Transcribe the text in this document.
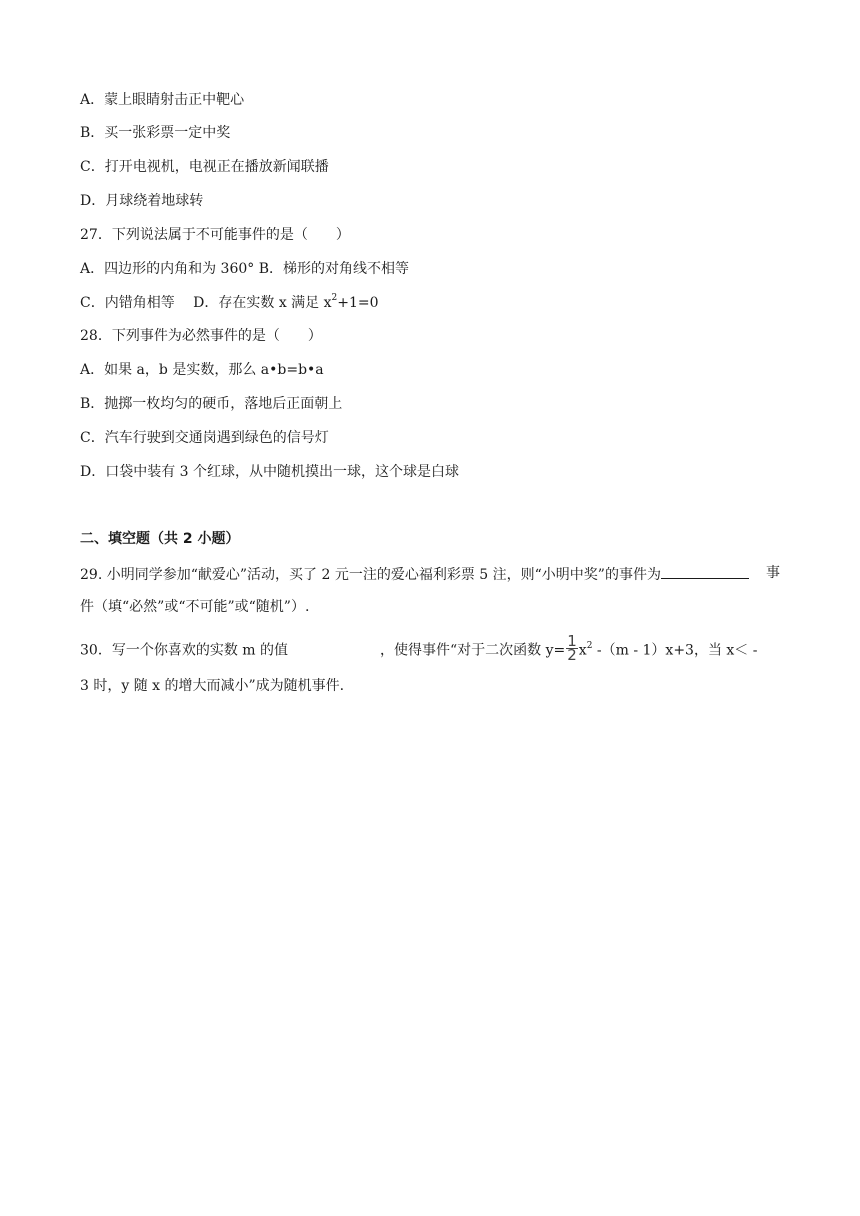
A．蒙上眼睛射击正中靶心
B．买一张彩票一定中奖
C．打开电视机，电视正在播放新闻联播
D．月球绕着地球转
27．下列说法属于不可能事件的是（　　）
A．四边形的内角和为 360° B．梯形的对角线不相等
C．内错角相等　 D．存在实数 x 满足 $x^2+1=0$
28．下列事件为必然事件的是（　　）
A．如果 a，b 是实数，那么 a•b=b•a
B．抛掷一枚均匀的硬币，落地后正面朝上
C．汽车行驶到交通岗遇到绿色的信号灯
D．口袋中装有 3 个红球，从中随机摸出一球，这个球是白球
二、填空题（共 2 小题）
29. 小明同学参加“献爱心”活动，买了 2 元一注的爱心福利彩票 5 注，则“小明中奖”的事件为	事
件（填“必然”或“不可能”或“随机”）.
30．写一个你喜欢的实数 m 的值	，使得事件“对于二次函数 $y= \frac{1}{2} x^2$ -（m - 1）x+3，当 x＜ -
3 时，y 随 x 的增大而减小”成为随机事件.
